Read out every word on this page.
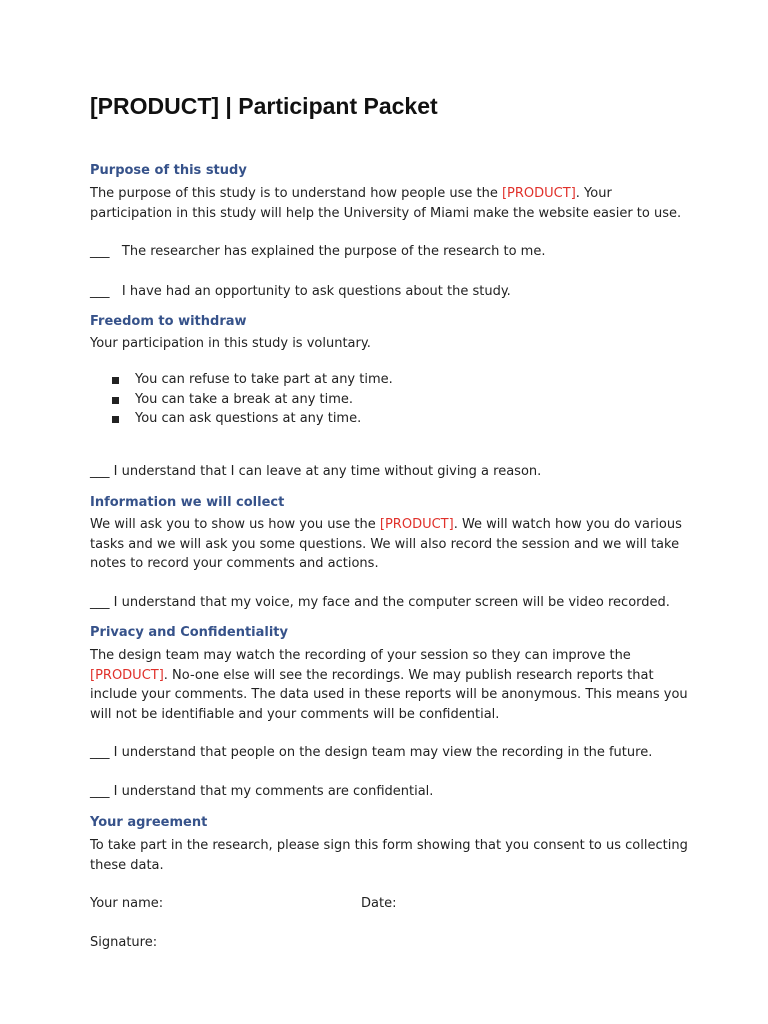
[PRODUCT] | Participant Packet
Purpose of this study

The purpose of this study is to understand how people use the [PRODUCT]. Your participation in this study will help the University of Miami make the website easier to use.

___ The researcher has explained the purpose of the research to me.

___ I have had an opportunity to ask questions about the study.

Freedom to withdraw

Your participation in this study is voluntary.

You can refuse to take part at any time.
You can take a break at any time.
You can ask questions at any time.

___ I understand that I can leave at any time without giving a reason.

Information we will collect

We will ask you to show us how you use the [PRODUCT]. We will watch how you do various tasks and we will ask you some questions. We will also record the session and we will take notes to record your comments and actions.

___ I understand that my voice, my face and the computer screen will be video recorded.

Privacy and Confidentiality

The design team may watch the recording of your session so they can improve the [PRODUCT]. No-one else will see the recordings. We may publish research reports that include your comments. The data used in these reports will be anonymous. This means you will not be identifiable and your comments will be confidential.

___ I understand that people on the design team may view the recording in the future.

___ I understand that my comments are confidential.

Your agreement

To take part in the research, please sign this form showing that you consent to us collecting these data.

Your name:	Date:
Signature:
